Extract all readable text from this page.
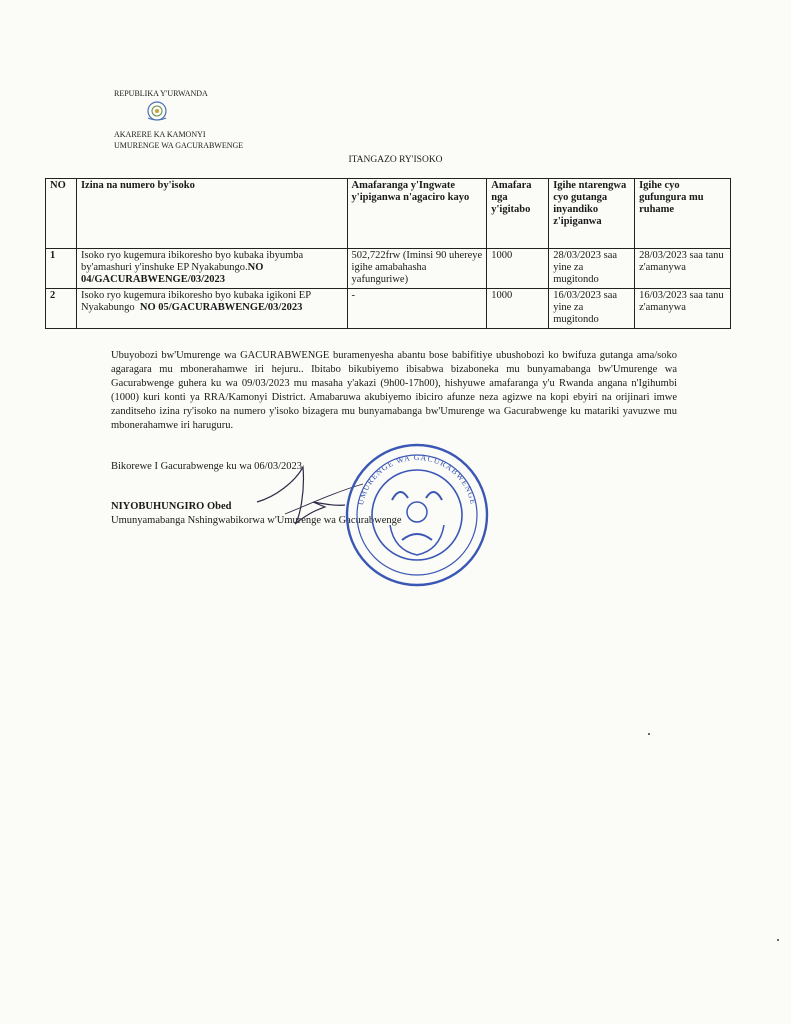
REPUBLIKA Y'URWANDA
AKARERE KA KAMONYI
UMURENGE WA GACURABWENGE
ITANGAZO RY'ISOKO
NO	Izina na numero by'isoko	Amafaranga y'Ingwate y'ipiganwa n'agaciro kayo	Amafara nga y'igitabo	Igihe ntarengwa cyo gutanga inyandiko z'ipiganwa	Igihe cyo gufungura mu ruhame
1	Isoko ryo kugemura ibikoresho byo kubaka ibyumba by'amashuri y'inshuke EP Nyakabungo.NO 04/GACURABWENGE/03/2023	502,722frw (Iminsi 90 uhereye igihe amabahasha yafunguriwe)	1000	28/03/2023 saa yine za mugitondo	28/03/2023 saa tanu z'amanywa
2	Isoko ryo kugemura ibikoresho byo kubaka igikoni EP Nyakabungo NO 05/GACURABWENGE/03/2023	-	1000	16/03/2023 saa yine za mugitondo	16/03/2023 saa tanu z'amanywa
Ubuyobozi bw'Umurenge wa GACURABWENGE buramenyesha abantu bose babifitiye ubushobozi ko bwifuza gutanga ama/soko agaragara mu mbonerahamwe iri hejuru.. Ibitabo bikubiyemo ibisabwa bizaboneka mu bunyamabanga bw'Umurenge wa Gacurabwenge guhera ku wa 09/03/2023 mu masaha y'akazi (9h00-17h00), hishyuwe amafaranga y'u Rwanda angana n'Igihumbi (1000) kuri konti ya RRA/Kamonyi District. Amabaruwa akubiyemo ibiciro afunze neza agizwe na kopi ebyiri na orijinari imwe zanditseho izina ry'isoko na numero y'isoko bizagera mu bunyamabanga bw'Umurenge wa Gacurabwenge ku matariki yavuzwe mu mbonerahamwe iri haruguru.
Bikorewe I Gacurabwenge ku wa 06/03/2023
NIYOBUHUNGIRO Obed
Umunyamabanga Nshingwabikorwa w'Umurenge wa Gacurabwenge
UMURENGE WA GACURABWENGE
